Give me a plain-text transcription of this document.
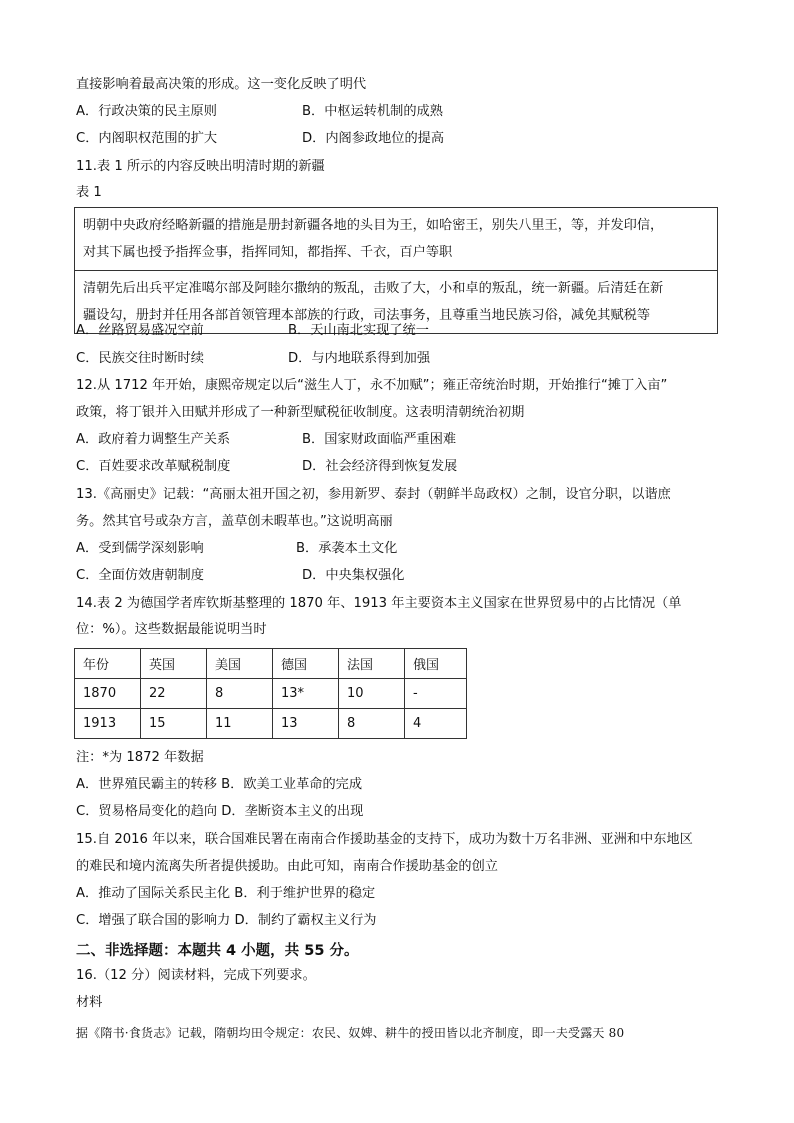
直接影响着最高决策的形成。这一变化反映了明代
A．行政决策的民主原则	B．中枢运转机制的成熟
C．内阁职权范围的扩大	D．内阁参政地位的提高
11.表 1 所示的内容反映出明清时期的新疆
表 1
明朝中央政府经略新疆的措施是册封新疆各地的头目为王，如哈密王，别失八里王，等，并发印信，
对其下属也授予指挥佥事，指挥同知，都指挥、千衣，百户等职
清朝先后出兵平定准噶尔部及阿睦尔撒纳的叛乱，击败了大，小和卓的叛乱，统一新疆。后清廷在新
疆设勾，册封并任用各部首领管理本部族的行政，司法事务，且尊重当地民族习俗，减免其赋税等
A．丝路贸易盛况空前	B．天山南北实现了统一
C．民族交往时断时续	D．与内地联系得到加强
12.从 1712 年开始，康熙帝规定以后“滋生人丁，永不加赋”；雍正帝统治时期，开始推行“摊丁入亩”
政策，将丁银并入田赋并形成了一种新型赋税征收制度。这表明清朝统治初期
A．政府着力调整生产关系	B．国家财政面临严重困难
C．百姓要求改革赋税制度	D．社会经济得到恢复发展
13.《高丽史》记载：“高丽太祖开国之初，参用新罗、泰封（朝鲜半岛政权）之制，设官分职，以谐庶
务。然其官号或杂方言，盖草创未暇革也。”这说明高丽
A．受到儒学深刻影响	B．承袭本土文化
C．全面仿效唐朝制度	D．中央集权强化
14.表 2 为德国学者库钦斯基整理的 1870 年、1913 年主要资本主义国家在世界贸易中的占比情况（单
位：%）。这些数据最能说明当时
年份	英国	美国	德国	法国	俄国
1870	22	8	13*	10	-
1913	15	11	13	8	4
注：*为 1872 年数据
A．世界殖民霸主的转移 B．欧美工业革命的完成
C．贸易格局变化的趋向 D．垄断资本主义的出现
15.自 2016 年以来，联合国难民署在南南合作援助基金的支持下，成功为数十万名非洲、亚洲和中东地区
的难民和境内流离失所者提供援助。由此可知，南南合作援助基金的创立
A．推动了国际关系民主化 B．利于维护世界的稳定
C．增强了联合国的影响力 D．制约了霸权主义行为
二、非选择题：本题共 4 小题，共 55 分。
16.（12 分）阅读材料，完成下列要求。
材料
据《隋书·食货志》记载，隋朝均田令规定：农民、奴婢、耕牛的授田皆以北齐制度，即一夫受露天 80
